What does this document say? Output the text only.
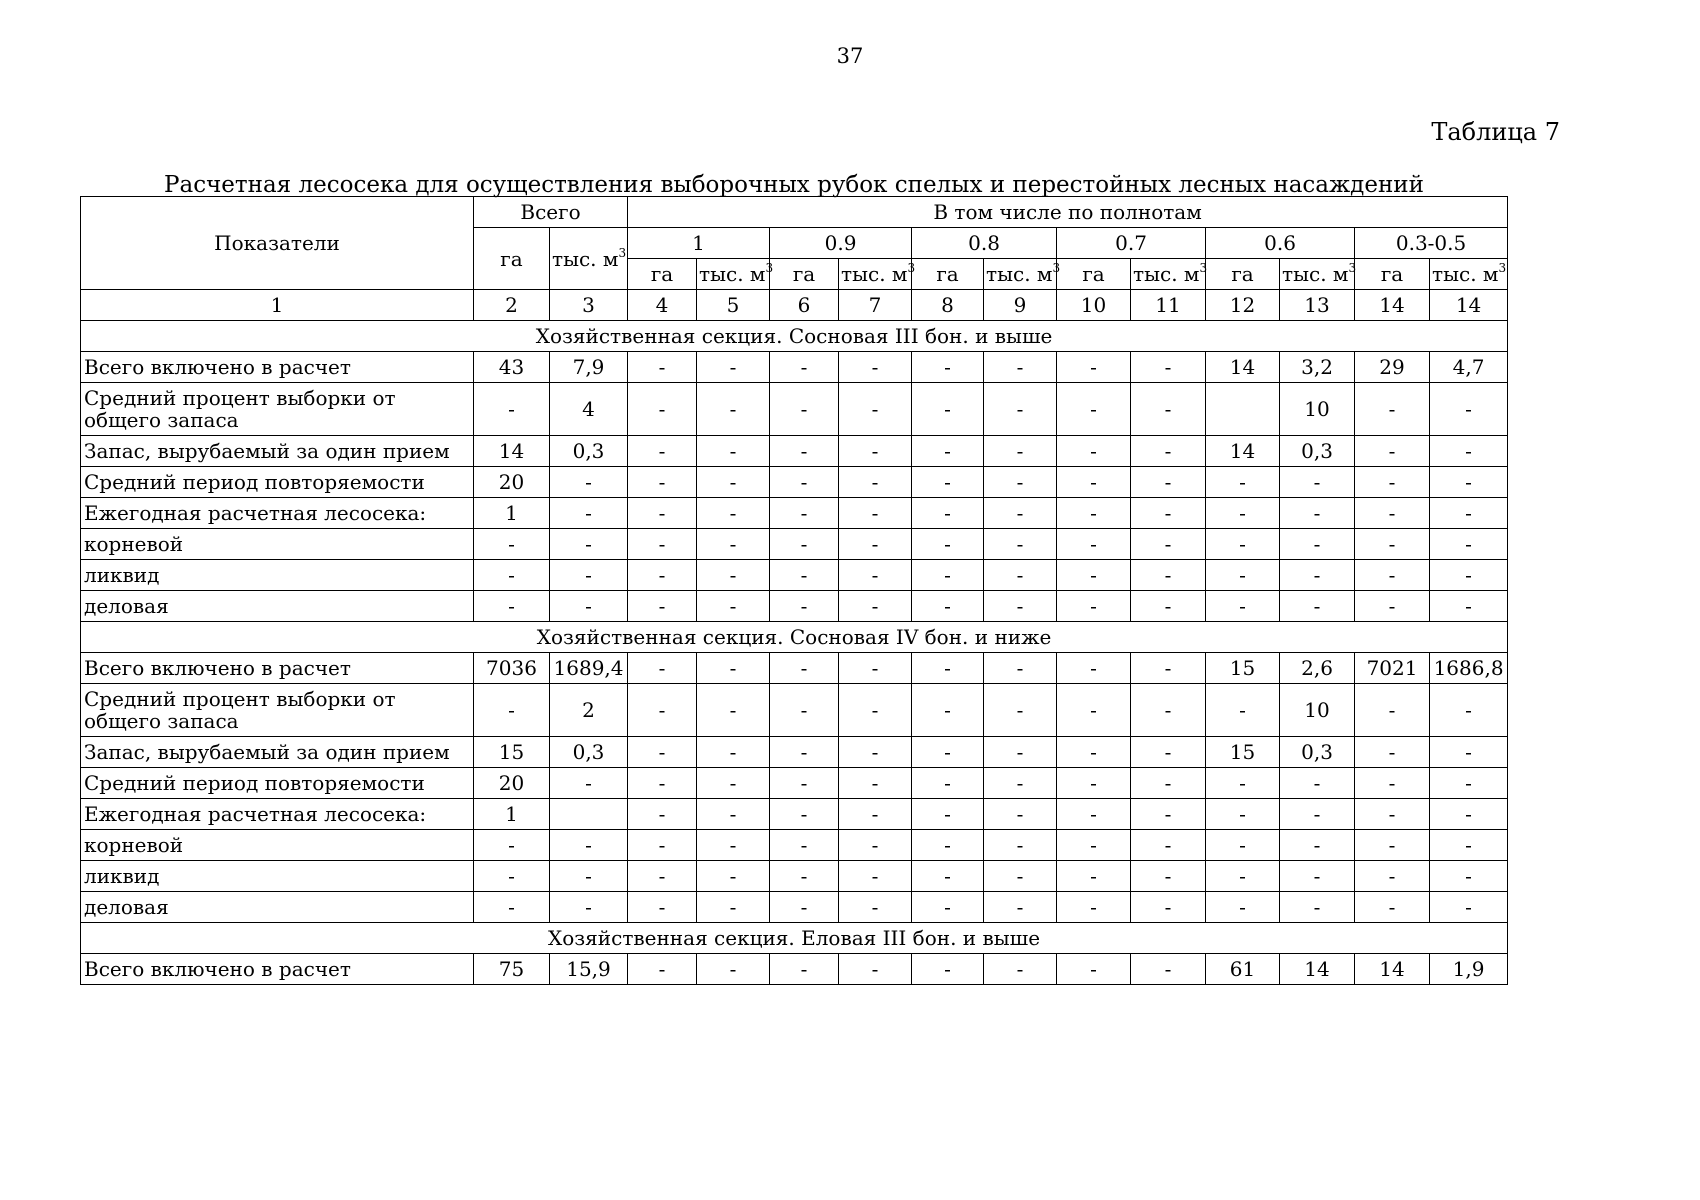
37
Таблица 7
Расчетная лесосека для осуществления выборочных рубок спелых и перестойных лесных насаждений
Показатели	Всего		В том числе по полнотам											
	га	тыс. $м^3$	1		0.9		0.8		0.7		0.6		0.3-0.5	
			га	тыс. $м^3$	га	тыс. $м^3$	га	тыс. $м^3$	га	тыс. $м^3$	га	тыс. $м^3$	га	тыс. $м^3$
1	2	3	4	5	6	7	8	9	10	11	12	13	14	14
Хозяйственная секция. Сосновая III бон. и выше														
Всего включено в расчет	43	7,9	-	-	-	-	-	-	-	-	14	3,2	29	4,7
Средний процент выборки от общего запаса	-	4	-	-	-	-	-	-	-	-		10	-	-
Запас, вырубаемый за один прием	14	0,3	-	-	-	-	-	-	-	-	14	0,3	-	-
Средний период повторяемости	20	-	-	-	-	-	-	-	-	-	-	-	-	-
Ежегодная расчетная лесосека:	1	-	-	-	-	-	-	-	-	-	-	-	-	-
корневой	-	-	-	-	-	-	-	-	-	-	-	-	-	-
ликвид	-	-	-	-	-	-	-	-	-	-	-	-	-	-
деловая	-	-	-	-	-	-	-	-	-	-	-	-	-	-
Хозяйственная секция. Сосновая IV бон. и ниже														
Всего включено в расчет	7036	1689,4	-	-	-	-	-	-	-	-	15	2,6	7021	1686,8
Средний процент выборки от общего запаса	-	2	-	-	-	-	-	-	-	-	-	10	-	-
Запас, вырубаемый за один прием	15	0,3	-	-	-	-	-	-	-	-	15	0,3	-	-
Средний период повторяемости	20	-	-	-	-	-	-	-	-	-	-	-	-	-
Ежегодная расчетная лесосека:	1		-	-	-	-	-	-	-	-	-	-	-	-
корневой	-	-	-	-	-	-	-	-	-	-	-	-	-	-
ликвид	-	-	-	-	-	-	-	-	-	-	-	-	-	-
деловая	-	-	-	-	-	-	-	-	-	-	-	-	-	-
Хозяйственная секция. Еловая III бон. и выше														
Всего включено в расчет	75	15,9	-	-	-	-	-	-	-	-	61	14	14	1,9
